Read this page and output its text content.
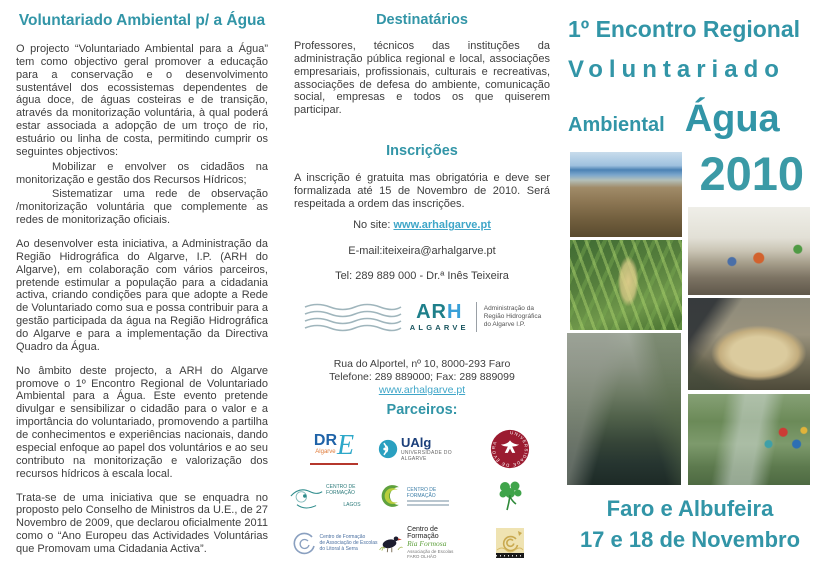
Voluntariado Ambiental p/ a Água

O projecto “Voluntariado Ambiental para a Água” tem como objectivo geral promover a educação para a conservação e o desenvolvimento sustentável dos ecossistemas dependentes de água doce, de águas costeiras e de transição, através da monitorização voluntária, à qual poderá estar associada a adopção de um troço de rio, estuário ou linha de costa, permitindo cumprir os seguintes objectivos:

Mobilizar e envolver os cidadãos na monitorização e gestão dos Recursos Hídricos;

Sistematizar uma rede de observação /monitorização voluntária que complemente as redes de monitorização oficiais.

Ao desenvolver esta iniciativa, a Administração da Região Hidrográfica do Algarve, I.P. (ARH do Algarve), em colaboração com vários parceiros, pretende estimular a população para a cidadania activa, criando condições para que adopte a Rede de Voluntariado como sua e possa contribuir para a gestão participada da água na Região Hidrográfica do Algarve e para a implementação da Directiva Quadro da Água.

No âmbito deste projecto, a ARH do Algarve promove o 1º Encontro Regional de Voluntariado Ambiental para a Água. Este evento pretende divulgar e sensibilizar o cidadão para o valor e a importância do voluntariado, promovendo a partilha de conhecimentos e experiências nacionais, dando especial enfoque ao papel dos voluntários e ao seu contributo na monitorização e valorização dos recursos hídricos à escala local.

Trata-se de uma iniciativa que se enquadra no proposto pelo Conselho de Ministros da U.E., de 27 Novembro de 2009, que declarou oficialmente 2011 como o “Ano Europeu das Actividades Voluntárias que Promovam uma Cidadania Activa”.

Destinatários

Professores, técnicos das instituções da administração pública regional e local, associações empresariais, profissionais, culturais e recreativas, associações de defesa do ambiente, comunicação social, empresas e todos os que quiserem participar.

Inscrições

A inscrição é gratuita mas obrigatória e deve ser formalizada até 15 de Novembro de 2010. Será respeitada a ordem das inscrições.

No site: www.arhalgarve.pt
E-mail:iteixeira@arhalgarve.pt
Tel: 289 889 000 - Dr.ª Inês Teixeira
ARH
ALGARVE
Administração da
Região Hidrográfica
do Algarve I.P.
Rua do Alportel, nº 10, 8000-293 Faro
Telefone: 289 889000; Fax: 289 889099
www.arhalgarve.pt
Parceiros:
DR
Algarve E	UAlg
UNIVERSIDADE DO ALGARVE
UNIVERSIDADE DE ÉVORA
CENTRO DE FORMAÇÃO
LAGOS
CENTRO DE FORMAÇÃO
Centro de Formação
de Associação de Escolas
do Litoral à Serra
Centro de Formação
Ria Formosa
Associação de Escolas FARO OLHÃO
1º Encontro Regional
Voluntariado
Ambiental Água
2010
Faro e Albufeira
17 e 18 de Novembro
